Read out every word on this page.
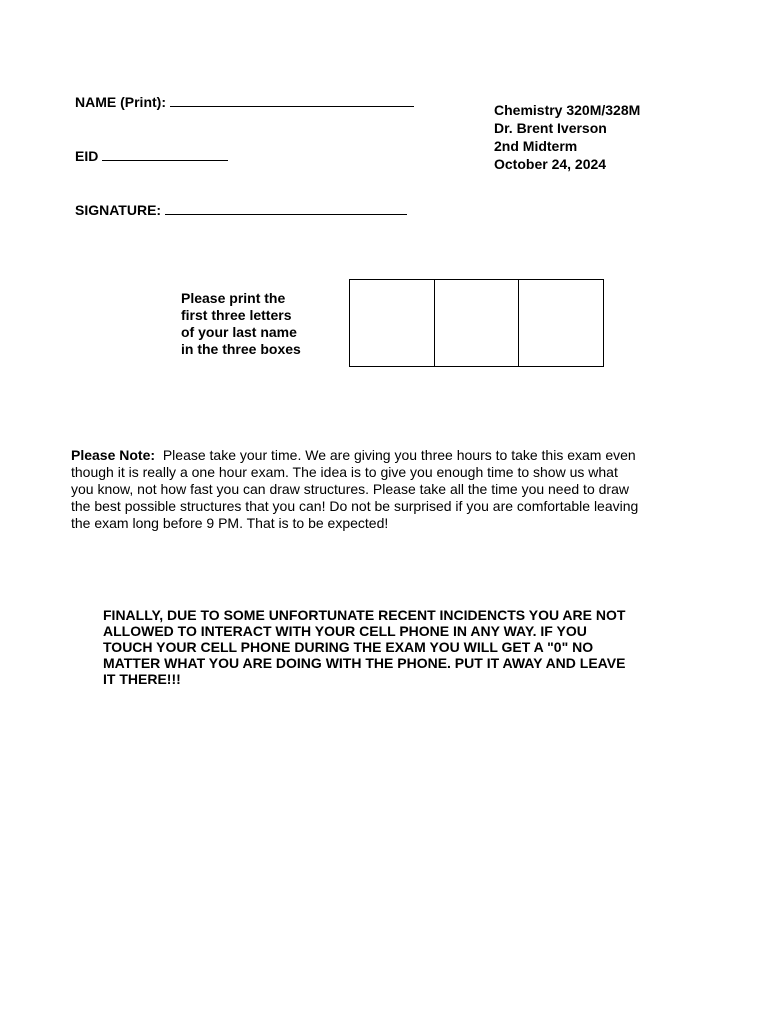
NAME (Print):
EID
SIGNATURE:
Chemistry 320M/328M
Dr. Brent Iverson
2nd Midterm
October 24, 2024
Please print the
first three letters
of your last name
in the three boxes
Please Note: Please take your time. We are giving you three hours to take this exam even
though it is really a one hour exam. The idea is to give you enough time to show us what
you know, not how fast you can draw structures. Please take all the time you need to draw
the best possible structures that you can! Do not be surprised if you are comfortable leaving
the exam long before 9 PM. That is to be expected!
FINALLY, DUE TO SOME UNFORTUNATE RECENT INCIDENCTS YOU ARE NOT
ALLOWED TO INTERACT WITH YOUR CELL PHONE IN ANY WAY. IF YOU
TOUCH YOUR CELL PHONE DURING THE EXAM YOU WILL GET A "0" NO
MATTER WHAT YOU ARE DOING WITH THE PHONE. PUT IT AWAY AND LEAVE
IT THERE!!!
